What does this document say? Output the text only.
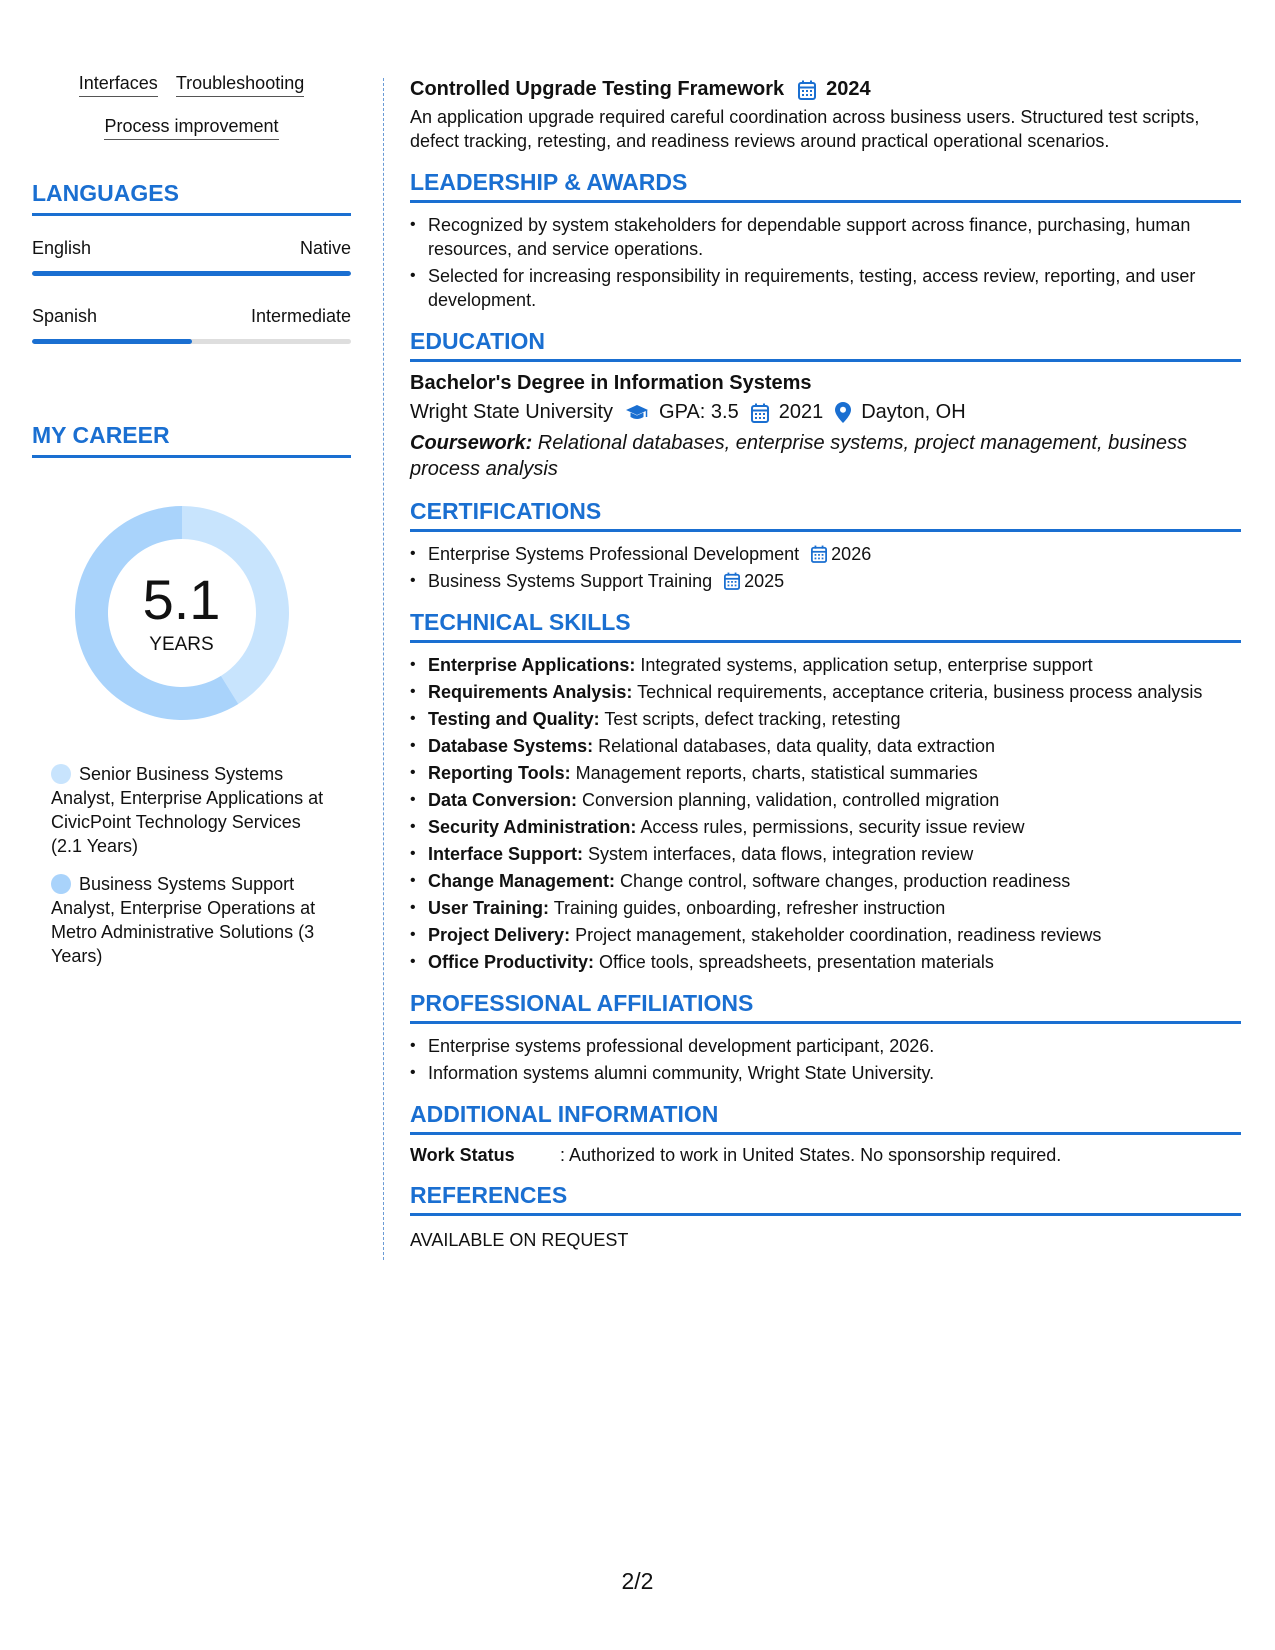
Interfaces Troubleshooting
Process improvement
LANGUAGES
English	Native
Spanish	Intermediate
MY CAREER
5.1
YEARS
Senior Business Systems Analyst, Enterprise Applications at CivicPoint Technology Services (2.1 Years)
Business Systems Support Analyst, Enterprise Operations at Metro Administrative Solutions (3 Years)
Controlled Upgrade Testing Framework 2024
An application upgrade required careful coordination across business users. Structured test scripts, defect tracking, retesting, and readiness reviews around practical operational scenarios.
LEADERSHIP & AWARDS
• Recognized by system stakeholders for dependable support across finance, purchasing, human resources, and service operations.
• Selected for increasing responsibility in requirements, testing, access review, reporting, and user development.
EDUCATION
Bachelor's Degree in Information Systems
Wright State University GPA: 3.5 2021 Dayton, OH
Coursework: Relational databases, enterprise systems, project management, business process analysis
CERTIFICATIONS
• Enterprise Systems Professional Development 2026
• Business Systems Support Training 2025
TECHNICAL SKILLS
• Enterprise Applications: Integrated systems, application setup, enterprise support
• Requirements Analysis: Technical requirements, acceptance criteria, business process analysis
• Testing and Quality: Test scripts, defect tracking, retesting
• Database Systems: Relational databases, data quality, data extraction
• Reporting Tools: Management reports, charts, statistical summaries
• Data Conversion: Conversion planning, validation, controlled migration
• Security Administration: Access rules, permissions, security issue review
• Interface Support: System interfaces, data flows, integration review
• Change Management: Change control, software changes, production readiness
• User Training: Training guides, onboarding, refresher instruction
• Project Delivery: Project management, stakeholder coordination, readiness reviews
• Office Productivity: Office tools, spreadsheets, presentation materials
PROFESSIONAL AFFILIATIONS
• Enterprise systems professional development participant, 2026.
• Information systems alumni community, Wright State University.
ADDITIONAL INFORMATION
Work Status	: Authorized to work in United States. No sponsorship required.
REFERENCES
AVAILABLE ON REQUEST
2/2
